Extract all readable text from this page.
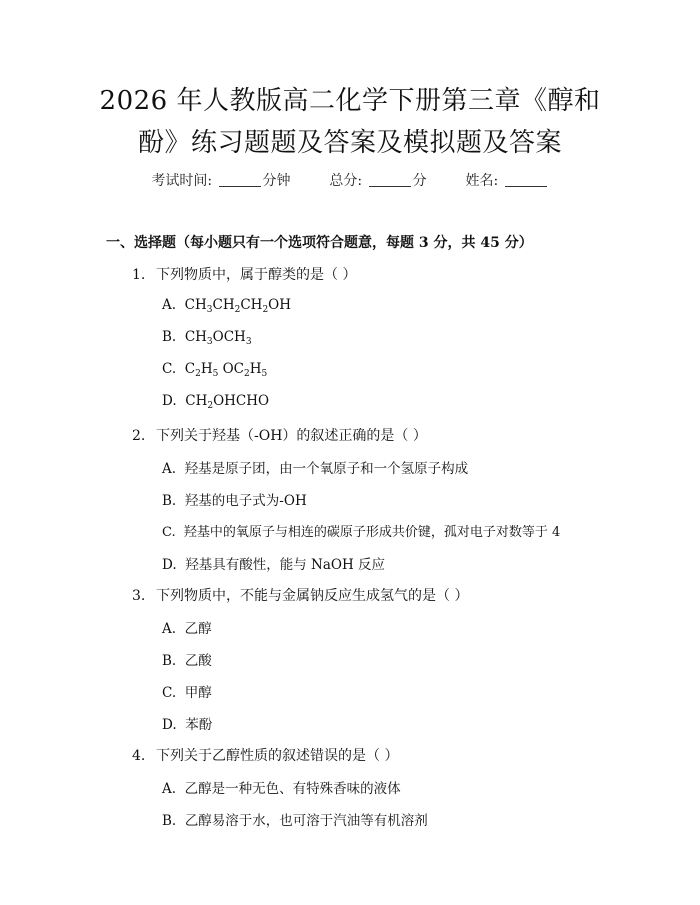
2026 年人教版高二化学下册第三章《醇和
酚》练习题题及答案及模拟题及答案
考试时间:	分钟	总分:	分	姓名:
一、选择题（每小题只有一个选项符合题意，每题 3 分，共 45 分）
1. 下列物质中，属于醇类的是（ ）
A. $CH_3CH_2CH_2OH$
B. $CH_3OCH_3$
C. $C_2H_5$ $OC_2H_5$
D. $CH_2OHCHO$
2. 下列关于羟基（-OH）的叙述正确的是（ ）
A. 羟基是原子团，由一个氧原子和一个氢原子构成
B. 羟基的电子式为-OH
C. 羟基中的氧原子与相连的碳原子形成共价键，孤对电子对数等于 4
D. 羟基具有酸性，能与 NaOH 反应
3. 下列物质中，不能与金属钠反应生成氢气的是（ ）
A. 乙醇
B. 乙酸
C. 甲醇
D. 苯酚
4. 下列关于乙醇性质的叙述错误的是（ ）
A. 乙醇是一种无色、有特殊香味的液体
B. 乙醇易溶于水，也可溶于汽油等有机溶剂
